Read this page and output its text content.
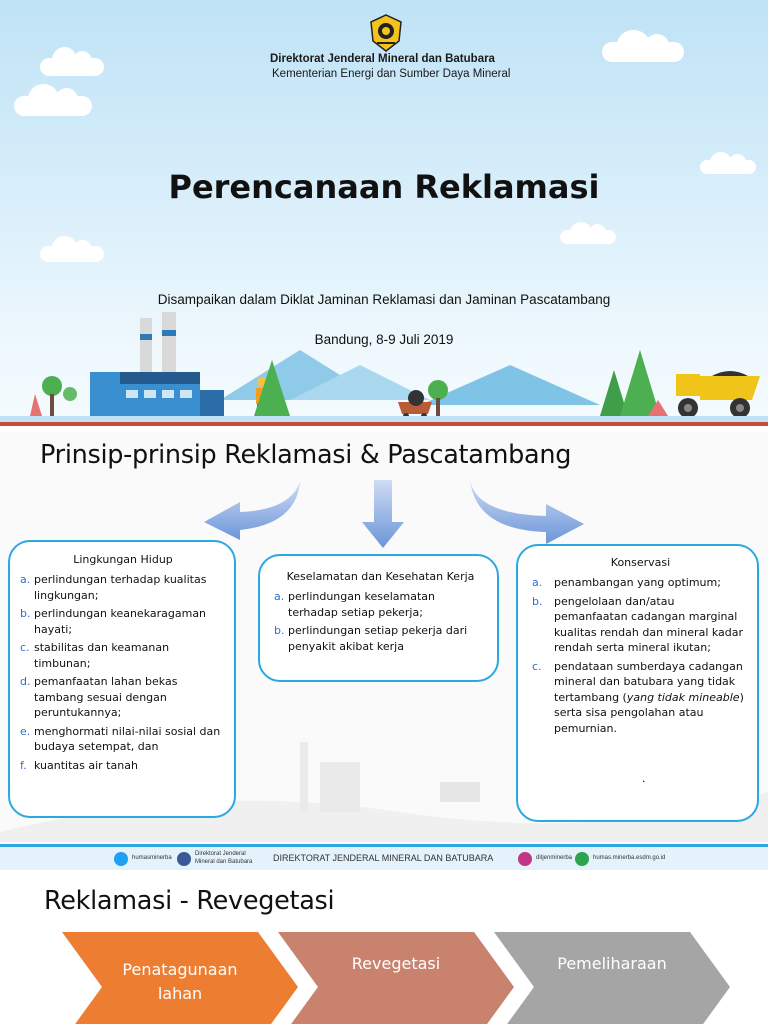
Direktorat Jenderal Mineral dan Batubara
Kementerian Energi dan Sumber Daya Mineral
Perencanaan Reklamasi
Disampaikan dalam Diklat Jaminan Reklamasi dan Jaminan Pascatambang
Bandung, 8-9 Juli 2019
Prinsip-prinsip Reklamasi & Pascatambang
Lingkungan Hidup
a. perlindungan terhadap kualitas lingkungan;
b. perlindungan keanekaragaman hayati;
c. stabilitas dan keamanan timbunan;
d. pemanfaatan lahan bekas tambang sesuai dengan peruntukannya;
e. menghormati nilai-nilai sosial dan budaya setempat, dan
f. kuantitas air tanah
Keselamatan dan Kesehatan Kerja
a. perlindungan keselamatan terhadap setiap pekerja;
b. perlindungan setiap pekerja dari penyakit akibat kerja
Konservasi
a. penambangan yang optimum;
b. pengelolaan dan/atau pemanfaatan cadangan marginal kualitas rendah dan mineral kadar rendah serta mineral ikutan;
c. pendataan sumberdaya cadangan mineral dan batubara yang tidak tertambang (yang tidak mineable) serta sisa pengolahan atau pemurnian.
.
humasminerba
Direktorat Jenderal
Mineral dan Batubara DIREKTORAT JENDERAL MINERAL DAN BATUBARA	ditjenminerba	humas.minerba.esdm.go.id
Reklamasi - Revegetasi
Penatagunaan
lahan
Revegetasi	Pemeliharaan
